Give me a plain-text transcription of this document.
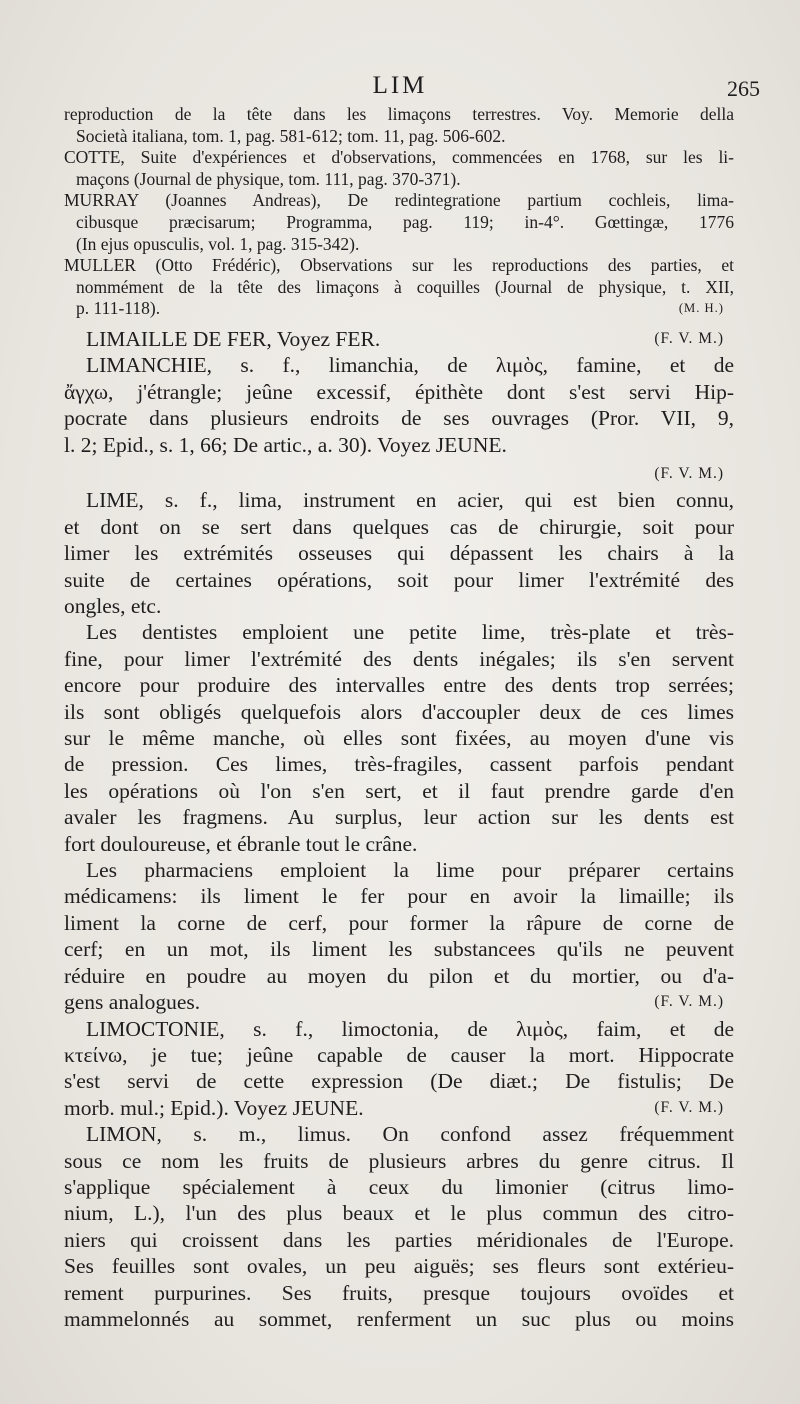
LIM	265
reproduction de la tête dans les limaçons terrestres. Voy. Memorie della
Società italiana, tom. 1, pag. 581-612; tom. 11, pag. 506-602.
COTTE, Suite d'expériences et d'observations, commencées en 1768, sur les li-
maçons (Journal de physique, tom. 111, pag. 370-371).
MURRAY (Joannes Andreas), De redintegratione partium cochleis, lima-
cibusque præcisarum; Programma, pag. 119; in-4°. Gœttingæ, 1776
(In ejus opusculis, vol. 1, pag. 315-342).
MULLER (Otto Frédéric), Observations sur les reproductions des parties, et
nommément de la tête des limaçons à coquilles (Journal de physique, t. XII,
p. 111-118).	(M. H.)
LIMAILLE DE FER, Voyez FER.	(F. V. M.)
LIMANCHIE, s. f., limanchia, de λιμὸς, famine, et de
ἄγχω, j'étrangle; jeûne excessif, épithète dont s'est servi Hip-
pocrate dans plusieurs endroits de ses ouvrages (Pror. VII, 9,
l. 2; Epid., s. 1, 66; De artic., a. 30). Voyez JEUNE.
(F. V. M.)
LIME, s. f., lima, instrument en acier, qui est bien connu,
et dont on se sert dans quelques cas de chirurgie, soit pour
limer les extrémités osseuses qui dépassent les chairs à la
suite de certaines opérations, soit pour limer l'extrémité des
ongles, etc.
Les dentistes emploient une petite lime, très-plate et très-
fine, pour limer l'extrémité des dents inégales; ils s'en servent
encore pour produire des intervalles entre des dents trop serrées;
ils sont obligés quelquefois alors d'accoupler deux de ces limes
sur le même manche, où elles sont fixées, au moyen d'une vis
de pression. Ces limes, très-fragiles, cassent parfois pendant
les opérations où l'on s'en sert, et il faut prendre garde d'en
avaler les fragmens. Au surplus, leur action sur les dents est
fort douloureuse, et ébranle tout le crâne.
Les pharmaciens emploient la lime pour préparer certains
médicamens: ils liment le fer pour en avoir la limaille; ils
liment la corne de cerf, pour former la râpure de corne de
cerf; en un mot, ils liment les substancees qu'ils ne peuvent
réduire en poudre au moyen du pilon et du mortier, ou d'a-
gens analogues.	(F. V. M.)
LIMOCTONIE, s. f., limoctonia, de λιμὸς, faim, et de
κτείνω, je tue; jeûne capable de causer la mort. Hippocrate
s'est servi de cette expression (De diæt.; De fistulis; De
morb. mul.; Epid.). Voyez JEUNE.	(F. V. M.)
LIMON, s. m., limus. On confond assez fréquemment
sous ce nom les fruits de plusieurs arbres du genre citrus. Il
s'applique spécialement à ceux du limonier (citrus limo-
nium, L.), l'un des plus beaux et le plus commun des citro-
niers qui croissent dans les parties méridionales de l'Europe.
Ses feuilles sont ovales, un peu aiguës; ses fleurs sont extérieu-
rement purpurines. Ses fruits, presque toujours ovoïdes et
mammelonnés au sommet, renferment un suc plus ou moins
